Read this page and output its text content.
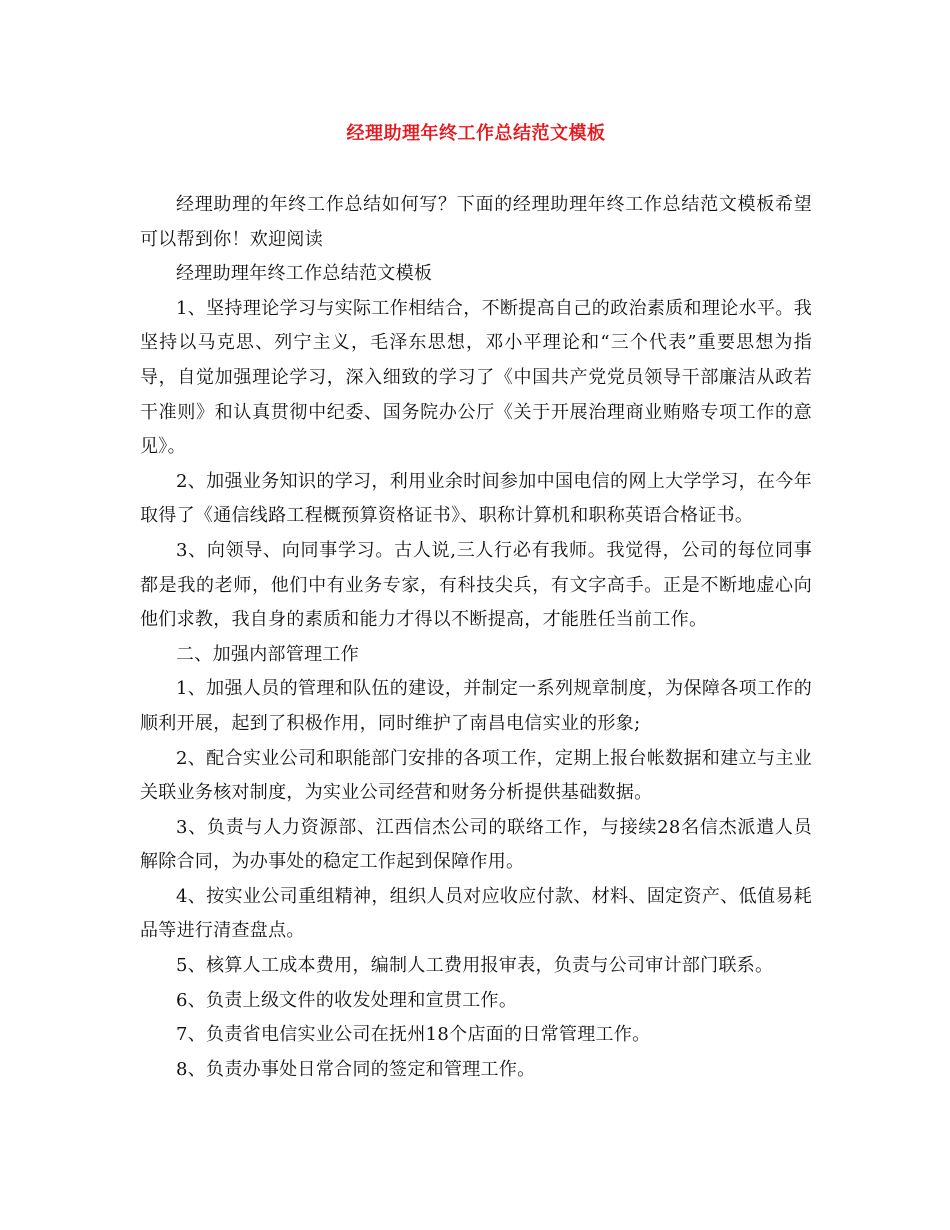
经理助理年终工作总结范文模板

经理助理的年终工作总结如何写？下面的经理助理年终工作总结范文模板希望可以帮到你！欢迎阅读

经理助理年终工作总结范文模板

1、坚持理论学习与实际工作相结合，不断提高自己的政治素质和理论水平。我坚持以马克思、列宁主义，毛泽东思想，邓小平理论和“三个代表”重要思想为指导，自觉加强理论学习，深入细致的学习了《中国共产党党员领导干部廉洁从政若干准则》和认真贯彻中纪委、国务院办公厅《关于开展治理商业贿赂专项工作的意见》。

2、加强业务知识的学习，利用业余时间参加中国电信的网上大学学习，在今年取得了《通信线路工程概预算资格证书》、职称计算机和职称英语合格证书。

3、向领导、向同事学习。古人说,三人行必有我师。我觉得，公司的每位同事都是我的老师，他们中有业务专家，有科技尖兵，有文字高手。正是不断地虚心向他们求教，我自身的素质和能力才得以不断提高，才能胜任当前工作。

二、加强内部管理工作

1、加强人员的管理和队伍的建设，并制定一系列规章制度，为保障各项工作的顺利开展，起到了积极作用，同时维护了南昌电信实业的形象;

2、配合实业公司和职能部门安排的各项工作，定期上报台帐数据和建立与主业关联业务核对制度，为实业公司经营和财务分析提供基础数据。

3、负责与人力资源部、江西信杰公司的联络工作，与接续28名信杰派遣人员解除合同，为办事处的稳定工作起到保障作用。

4、按实业公司重组精神，组织人员对应收应付款、材料、固定资产、低值易耗品等进行清查盘点。

5、核算人工成本费用，编制人工费用报审表，负责与公司审计部门联系。

6、负责上级文件的收发处理和宣贯工作。

7、负责省电信实业公司在抚州18个店面的日常管理工作。

8、负责办事处日常合同的签定和管理工作。
